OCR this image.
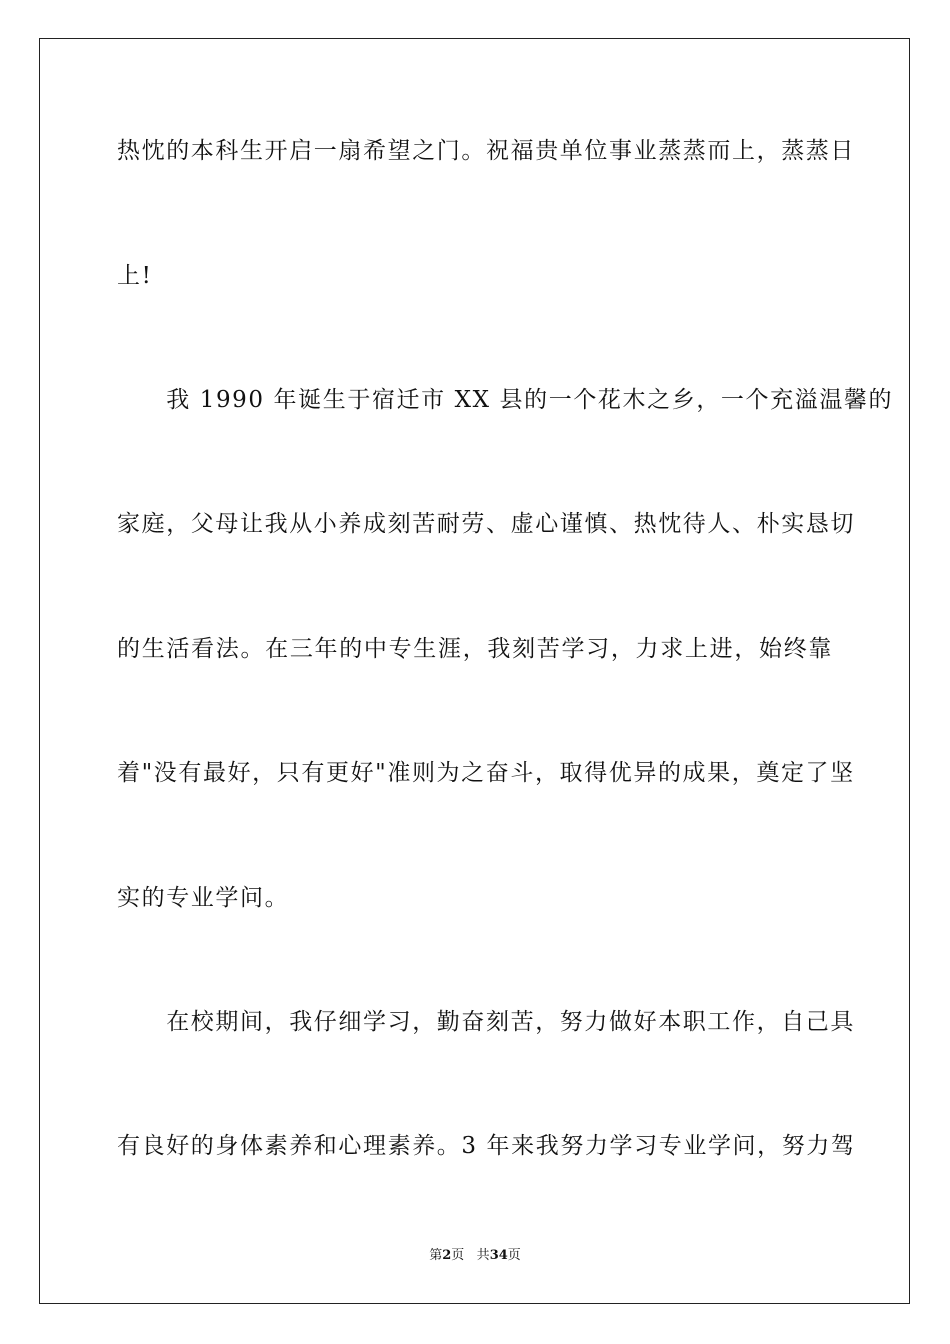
热忱的本科生开启一扇希望之门。祝福贵单位事业蒸蒸而上，蒸蒸日
上!
　　我 1990 年诞生于宿迁市 XX 县的一个花木之乡，一个充溢温馨的
家庭，父母让我从小养成刻苦耐劳、虚心谨慎、热忱待人、朴实恳切
的生活看法。在三年的中专生涯，我刻苦学习，力求上进，始终靠
着"没有最好，只有更好"准则为之奋斗，取得优异的成果，奠定了坚
实的专业学问。
　　在校期间，我仔细学习，勤奋刻苦，努力做好本职工作，自己具
有良好的身体素养和心理素养。3 年来我努力学习专业学问，努力驾
第2页 共34页
